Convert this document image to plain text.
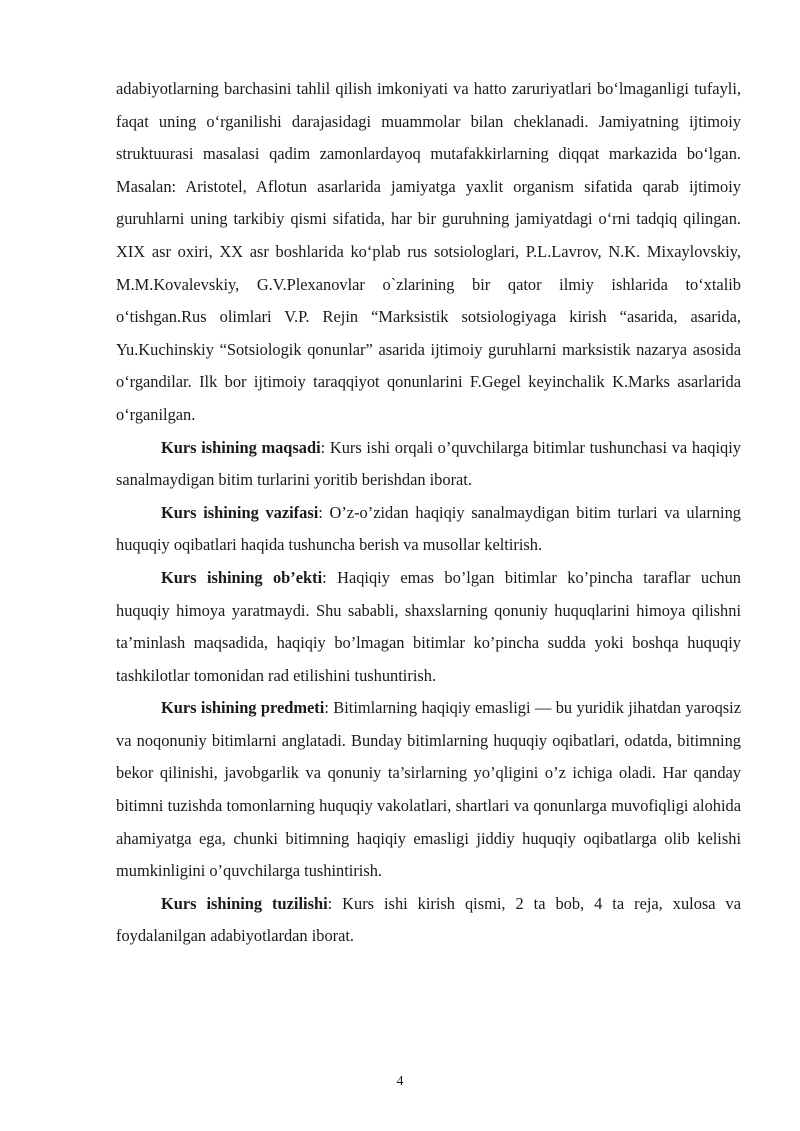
adabiyotlarning barchasini tahlil qilish imkoniyati va hatto zaruriyatlari bo‘lmaganligi tufayli, faqat uning o‘rganilishi darajasidagi muammolar bilan cheklanadi. Jamiyatning ijtimoiy struktuurasi masalasi qadim zamonlardayoq mutafakkirlarning diqqat markazida bo‘lgan. Masalan: Aristotel, Aflotun asarlarida jamiyatga yaxlit organism sifatida qarab ijtimoiy guruhlarni uning tarkibiy qismi sifatida, har bir guruhning jamiyatdagi o‘rni tadqiq qilingan. XIX asr oxiri, XX asr boshlarida ko‘plab rus sotsiologlari, P.L.Lavrov, N.K. Mixaylovskiy, M.M.Kovalevskiy, G.V.Plexanovlar o`zlarining bir qator ilmiy ishlarida to‘xtalib o‘tishgan.Rus olimlari V.P. Rejin “Marksistik sotsiologiyaga kirish “asarida, asarida, Yu.Kuchinskiy “Sotsiologik qonunlar” asarida ijtimoiy guruhlarni marksistik nazarya asosida o‘rgandilar. Ilk bor ijtimoiy taraqqiyot qonunlarini F.Gegel keyinchalik K.Marks asarlarida o‘rganilgan.

Kurs ishining maqsadi: Kurs ishi orqali o’quvchilarga bitimlar tushunchasi va haqiqiy sanalmaydigan bitim turlarini yoritib berishdan iborat.

Kurs ishining vazifasi: O’z-o’zidan haqiqiy sanalmaydigan bitim turlari va ularning huquqiy oqibatlari haqida tushuncha berish va musollar keltirish.

Kurs ishining ob’ekti: Haqiqiy emas bo’lgan bitimlar ko’pincha taraflar uchun huquqiy himoya yaratmaydi. Shu sababli, shaxslarning qonuniy huquqlarini himoya qilishni ta’minlash maqsadida, haqiqiy bo’lmagan bitimlar ko’pincha sudda yoki boshqa huquqiy tashkilotlar tomonidan rad etilishini tushuntirish.

Kurs ishining predmeti: Bitimlarning haqiqiy emasligi — bu yuridik jihatdan yaroqsiz va noqonuniy bitimlarni anglatadi. Bunday bitimlarning huquqiy oqibatlari, odatda, bitimning bekor qilinishi, javobgarlik va qonuniy ta’sirlarning yo’qligini o’z ichiga oladi. Har qanday bitimni tuzishda tomonlarning huquqiy vakolatlari, shartlari va qonunlarga muvofiqligi alohida ahamiyatga ega, chunki bitimning haqiqiy emasligi jiddiy huquqiy oqibatlarga olib kelishi mumkinligini o’quvchilarga tushintirish.

Kurs ishining tuzilishi: Kurs ishi kirish qismi, 2 ta bob, 4 ta reja, xulosa va foydalanilgan adabiyotlardan iborat.

4
